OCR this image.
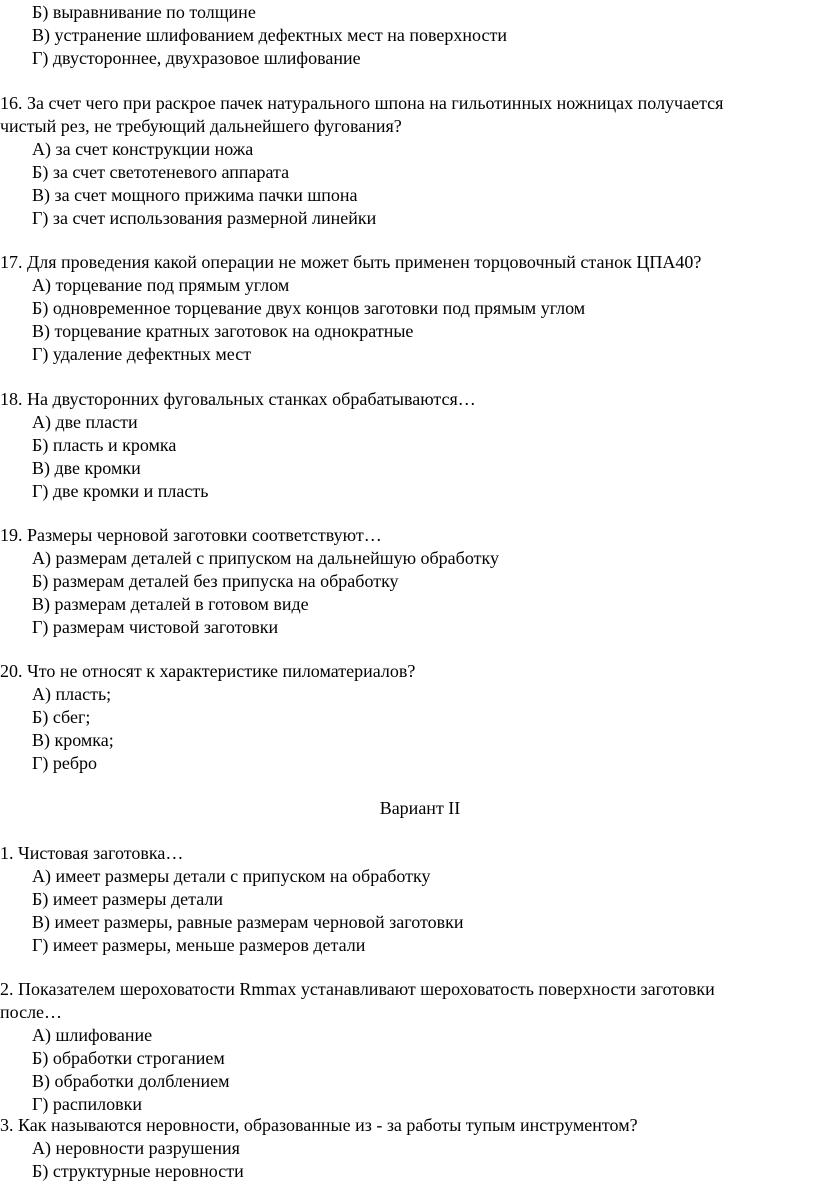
Б) выравнивание по толщине
В) устранение шлифованием дефектных мест на поверхности
Г) двустороннее, двухразовое шлифование
16. За счет чего при раскрое пачек натурального шпона на гильотинных ножницах получается
чистый рез, не требующий дальнейшего фугования?
А) за счет конструкции ножа
Б) за счет светотеневого аппарата
В) за счет мощного прижима пачки шпона
Г) за счет использования размерной линейки
17. Для проведения какой операции не может быть применен торцовочный станок ЦПА40?
А) торцевание под прямым углом
Б) одновременное торцевание двух концов заготовки под прямым углом
В) торцевание кратных заготовок на однократные
Г) удаление дефектных мест
18. На двусторонних фуговальных станках обрабатываются…
А) две пласти
Б) пласть и кромка
В) две кромки
Г) две кромки и пласть
19. Размеры черновой заготовки соответствуют…
А) размерам деталей с припуском на дальнейшую обработку
Б) размерам деталей без припуска на обработку
В) размерам деталей в готовом виде
Г) размерам чистовой заготовки
20. Что не относят к характеристике пиломатериалов?
А) пласть;
Б) сбег;
В) кромка;
Г) ребро
Вариант II
1. Чистовая заготовка…
А) имеет размеры детали с припуском на обработку
Б) имеет размеры детали
В) имеет размеры, равные размерам черновой заготовки
Г) имеет размеры, меньше размеров детали
2. Показателем шероховатости Rmmax устанавливают шероховатость поверхности заготовки
после…
А) шлифование
Б) обработки строганием
В) обработки долблением
Г) распиловки
3. Как называются неровности, образованные из - за работы тупым инструментом?
А) неровности разрушения
Б) структурные неровности
